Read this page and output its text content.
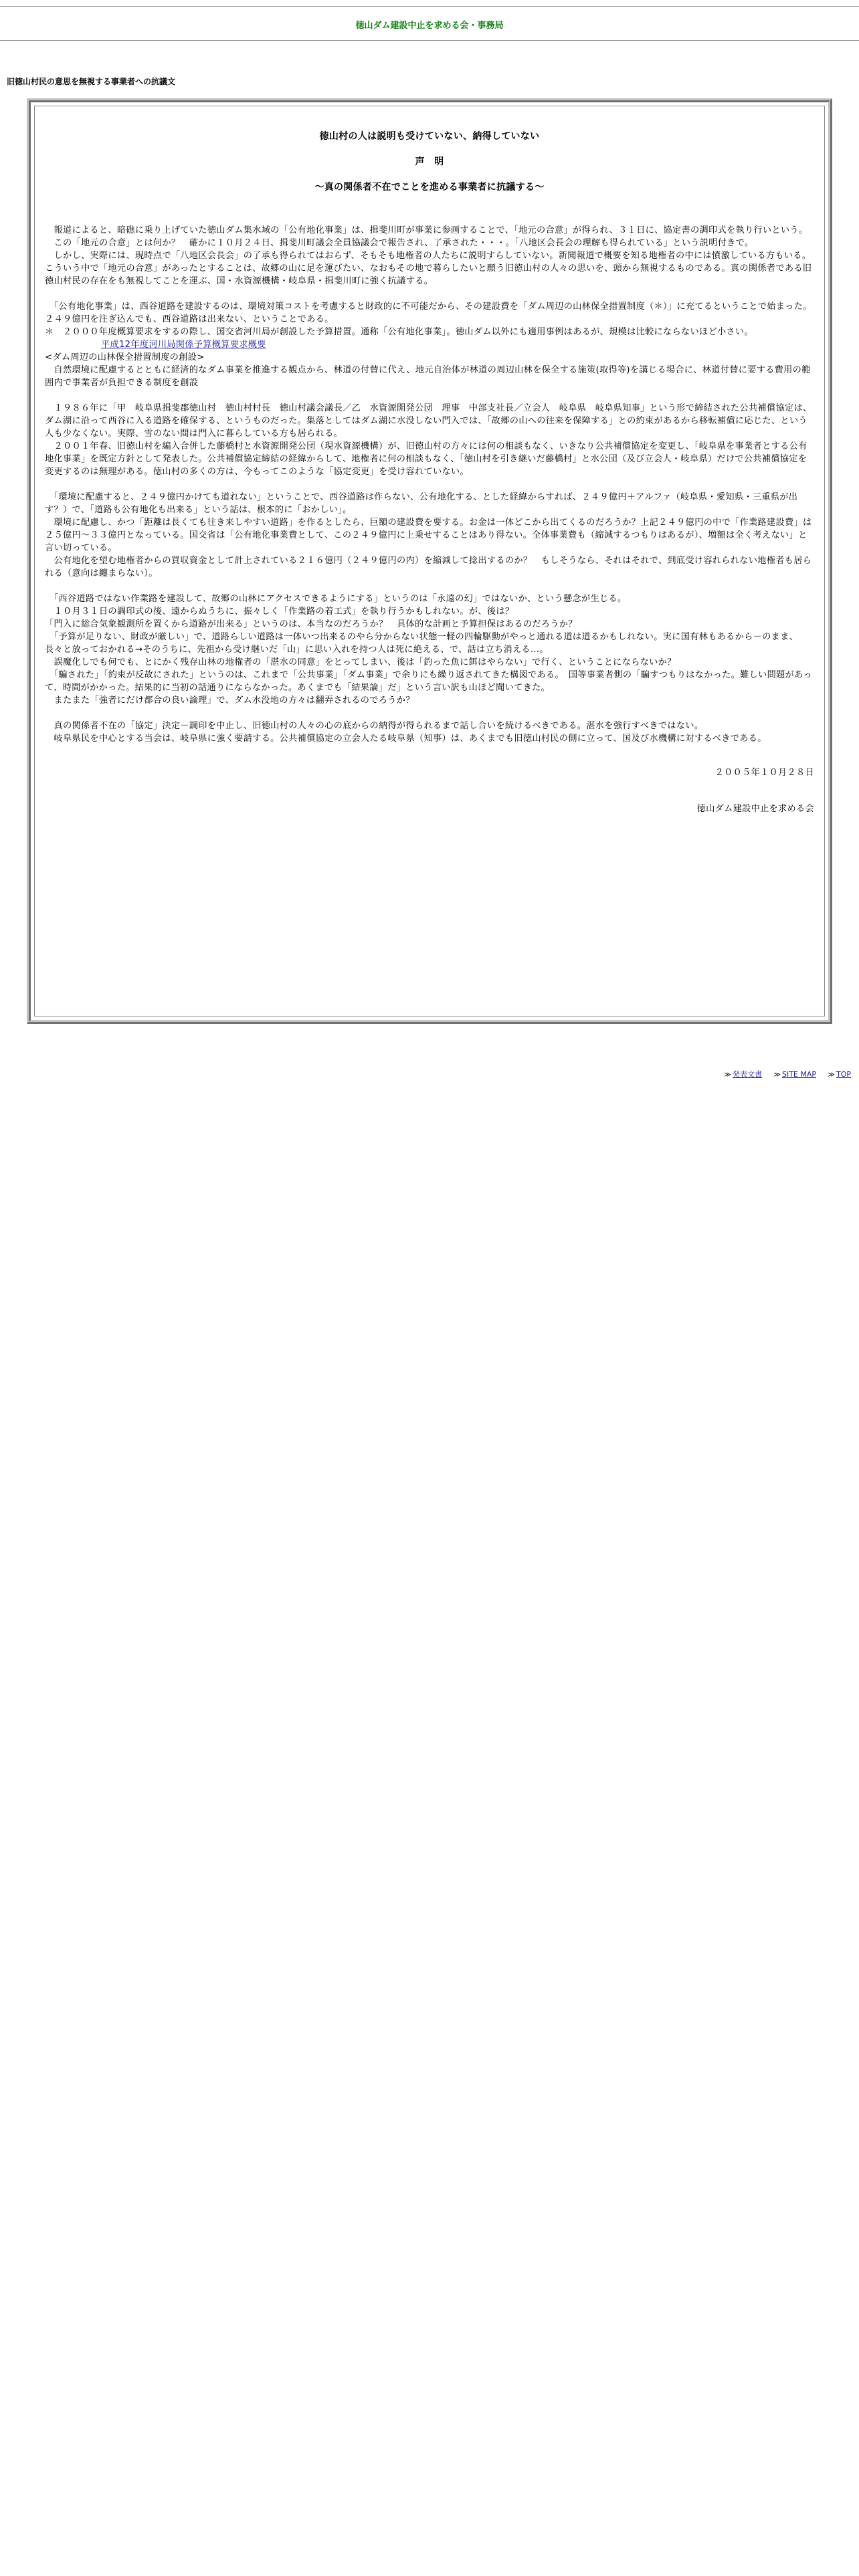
徳山ダム建設中止を求める会・事務局
旧徳山村民の意思を無視する事業者への抗議文
徳山村の人は説明も受けていない、納得していない
声　明
～真の関係者不在でことを進める事業者に抗議する～

　報道によると、暗礁に乗り上げていた徳山ダム集水域の「公有地化事業」は、揖斐川町が事業に参画することで、「地元の合意」が得られ、３１日に、協定書の調印式を執り行いという。

　この「地元の合意」とは何か？　確かに１０月２４日、揖斐川町議会全員協議会で報告され、了承された・・・。「八地区会長会の理解も得られている」という説明付きで。

　しかし、実際には、現時点で「八地区会長会」の了承も得られてはおらず、そもそも地権者の人たちに説明すらしていない。新聞報道で概要を知る地権者の中には憤激している方もいる。こういう中で「地元の合意」があったとすることは、故郷の山に足を運びたい、なおもその地で暮らしたいと願う旧徳山村の人々の思いを、頭から無視するものである。真の関係者である旧徳山村民の存在をも無視してことを運ぶ、国・水資源機構・岐阜県・揖斐川町に強く抗議する。

　「公有地化事業」は、西谷道路を建設するのは、環境対策コストを考慮すると財政的に不可能だから、その建設費を「ダム周辺の山林保全措置制度（＊）」に充てるということで始まった。２４９億円を注ぎ込んでも、西谷道路は出来ない、ということである。

＊　２０００年度概算要求をするの際し、国交省河川局が創設した予算措置。通称「公有地化事業」。徳山ダム以外にも適用事例はあるが、規模は比較にならないほど小さい。

平成12年度河川局関係予算概算要求概要

<ダム周辺の山林保全措置制度の創設>

　自然環境に配慮するとともに経済的なダム事業を推進する観点から、林道の付替に代え、地元自治体が林道の周辺山林を保全する施策(取得等)を講じる場合に、林道付替に要する費用の範囲内で事業者が負担できる制度を創設

　１９８６年に「甲　岐阜県揖斐郡徳山村　徳山村村長　徳山村議会議長／乙　水資源開発公団　理事　中部支社長／立会人　岐阜県　岐阜県知事」という形で締結された公共補償協定は、ダム湖に沿って西谷に入る道路を確保する、というものだった。集落としてはダム湖に水没しない門入では、「故郷の山への往来を保障する」との約束があるから移転補償に応じた、という人も少なくない。実際、雪のない間は門入に暮らしている方も居られる。

　２００１年春、旧徳山村を編入合併した藤橋村と水資源開発公団（現水資源機構）が、旧徳山村の方々には何の相談もなく、いきなり公共補償協定を変更し、「岐阜県を事業者とする公有地化事業」を既定方針として発表した。公共補償協定締結の経緯からして、地権者に何の相談もなく、「徳山村を引き継いだ藤橋村」と水公団（及び立会人・岐阜県）だけで公共補償協定を変更するのは無理がある。徳山村の多くの方は、今もってこのような「協定変更」を受け容れていない。

　「環境に配慮すると、２４９億円かけても道れない」ということで、西谷道路は作らない、公有地化する、とした経緯からすれば、２４９億円＋アルファ（岐阜県・愛知県・三重県が出す？）で、「道路も公有地化も出来る」という話は、根本的に「おかしい」。

　環境に配慮し、かつ「距離は長くても往き来しやすい道路」を作るとしたら、巨額の建設費を要する。お金は一体どこから出てくるのだろうか？上記２４９億円の中で「作業路建設費」は２５億円～３３億円となっている。国交省は「公有地化事業費として、この２４９億円に上乗せすることはあり得ない。全体事業費も（縮減するつもりはあるが）、増額は全く考えない」と言い切っている。

　公有地化を望む地権者からの買収資金として計上されている２１６億円（２４９億円の内）を縮減して捻出するのか？　もしそうなら、それはそれで、到底受け容れられない地権者も居られる（意向は纏まらない）。

　「西谷道路ではない作業路を建設して、故郷の山林にアクセスできるようにする」というのは「永遠の幻」ではないか、という懸念が生じる。

　１０月３１日の調印式の後、遠からぬうちに、振々しく「作業路の着工式」を執り行うかもしれない。が、後は？

「門入に総合気象観測所を置くから道路が出来る」というのは、本当なのだろうか？　具体的な計画と予算担保はあるのだろうか？

　「予算が足りない、財政が厳しい」で、道路らしい道路は一体いつ出来るのやら分からない状態一軽の四輪駆動がやっと通れる道は道るかもしれない。実に国有林もあるから－のまま、長々と放っておかれる→そのうちに、先祖から受け継いだ「山」に思い入れを持つ人は死に絶える、で、話は立ち消える…。

　誤魔化しでも何でも、とにかく残存山林の地権者の「湛水の同意」をとってしまい、後は「釣った魚に餌はやらない」で行く、ということにならないか？

　「騙された」「約束が反故にされた」というのは、これまで「公共事業」「ダム事業」で余りにも繰り返されてきた構図である。　国等事業者側の「騙すつもりはなかった。難しい問題があって、時間がかかった。結果的に当初の話通りにならなかった。あくまでも「結果論」だ」という言い訳も山ほど聞いてきた。

　またまた「強者にだけ都合の良い論理」で、ダム水没地の方々は翻弄されるのでろうか？

　真の関係者不在の「協定」決定－調印を中止し、旧徳山村の人々の心の底からの納得が得られるまで話し合いを続けるべきである。湛水を強行すべきではない。

　岐阜県民を中心とする当会は、岐阜県に強く要請する。公共補償協定の立会人たる岐阜県（知事）は、あくまでも旧徳山村民の側に立って、国及び水機構に対するべきである。

２００５年１０月２８日

徳山ダム建設中止を求める会

≫ 発表文書 ≫ SITE MAP ≫ TOP
